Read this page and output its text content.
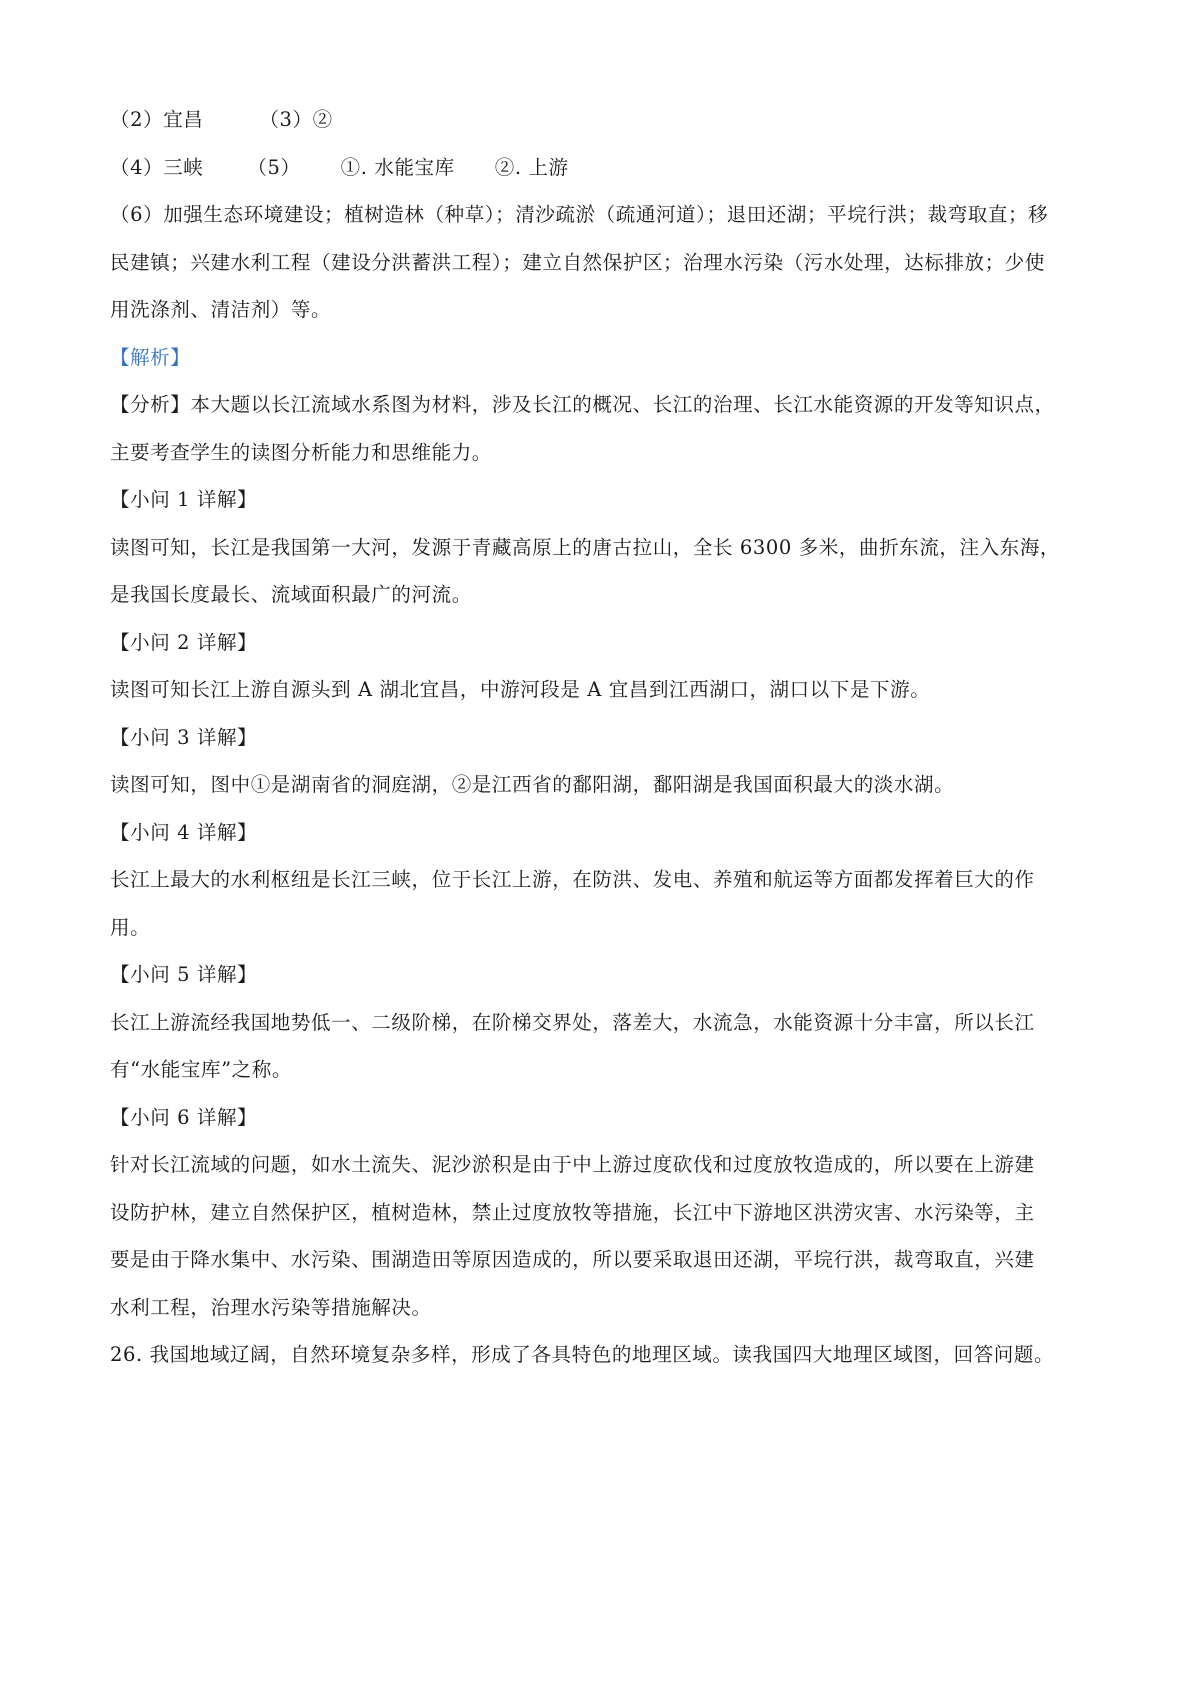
（2）宜昌	（3）②
（4）三峡 （5） ①. 水能宝库 ②. 上游
（6）加强生态环境建设；植树造林（种草）；清沙疏淤（疏通河道）；退田还湖；平垸行洪；裁弯取直；移
民建镇；兴建水利工程（建设分洪蓄洪工程）；建立自然保护区；治理水污染（污水处理，达标排放；少使
用洗涤剂、清洁剂）等。
【解析】
【分析】本大题以长江流域水系图为材料，涉及长江的概况、长江的治理、长江水能资源的开发等知识点，
主要考查学生的读图分析能力和思维能力。
【小问 1 详解】
读图可知，长江是我国第一大河，发源于青藏高原上的唐古拉山，全长 6300 多米，曲折东流，注入东海，
是我国长度最长、流域面积最广的河流。
【小问 2 详解】
读图可知长江上游自源头到 A 湖北宜昌，中游河段是 A 宜昌到江西湖口，湖口以下是下游。
【小问 3 详解】
读图可知，图中①是湖南省的洞庭湖，②是江西省的鄱阳湖，鄱阳湖是我国面积最大的淡水湖。
【小问 4 详解】
长江上最大的水利枢纽是长江三峡，位于长江上游，在防洪、发电、养殖和航运等方面都发挥着巨大的作
用。
【小问 5 详解】
长江上游流经我国地势低一、二级阶梯，在阶梯交界处，落差大，水流急，水能资源十分丰富，所以长江
有“水能宝库”之称。
【小问 6 详解】
针对长江流域的问题，如水土流失、泥沙淤积是由于中上游过度砍伐和过度放牧造成的，所以要在上游建
设防护林，建立自然保护区，植树造林，禁止过度放牧等措施，长江中下游地区洪涝灾害、水污染等，主
要是由于降水集中、水污染、围湖造田等原因造成的，所以要采取退田还湖，平垸行洪，裁弯取直，兴建
水利工程，治理水污染等措施解决。
26. 我国地域辽阔，自然环境复杂多样，形成了各具特色的地理区域。读我国四大地理区域图，回答问题。
